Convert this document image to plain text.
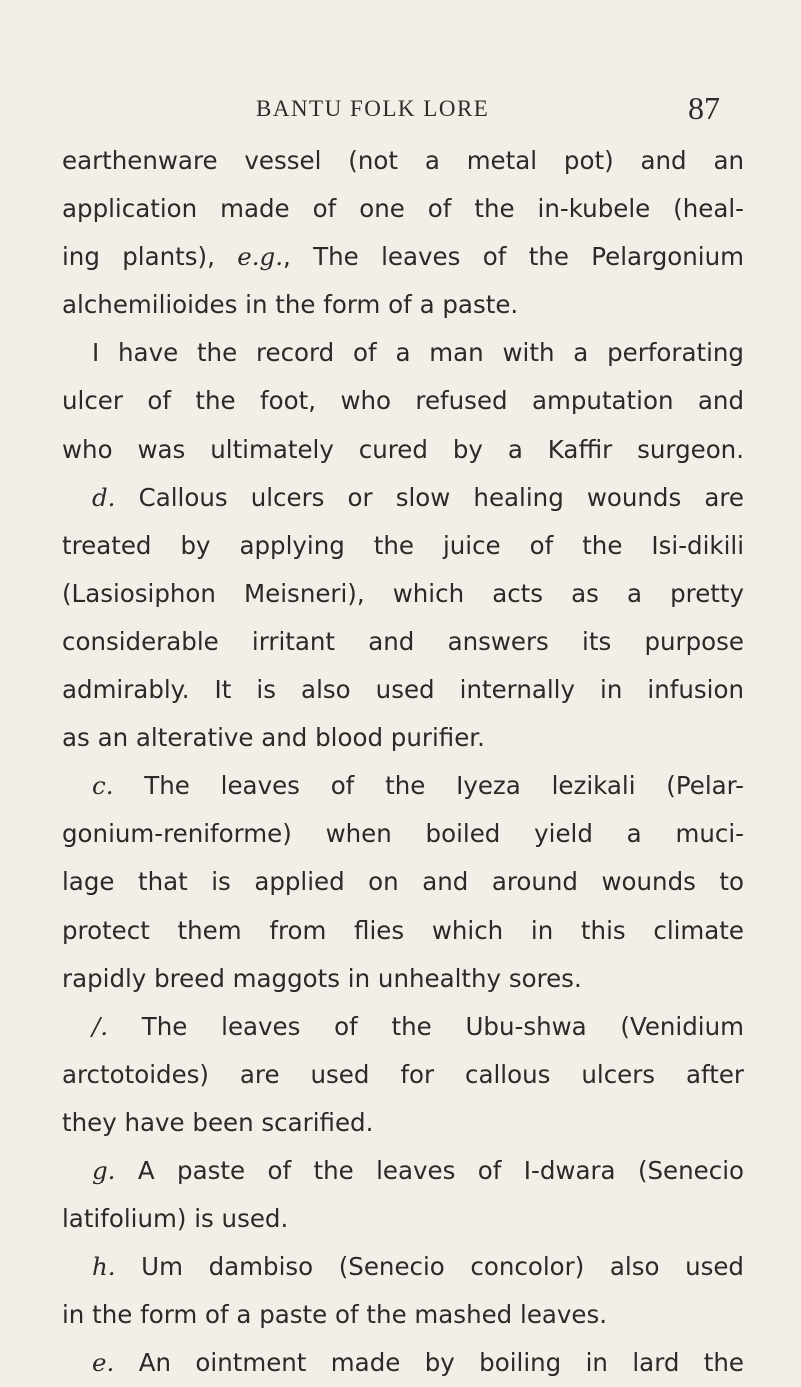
BANTU FOLK LORE	87
earthenware vessel (not a metal pot) and an
application made of one of the in-kubele (heal-
ing plants), e.g., The leaves of the Pelargonium
alchemilioides in the form of a paste.
I have the record of a man with a perforating
ulcer of the foot, who refused amputation and
who was ultimately cured by a Kaffir surgeon.
d. Callous ulcers or slow healing wounds are
treated by applying the juice of the Isi-dikili
(Lasiosiphon Meisneri), which acts as a pretty
considerable irritant and answers its purpose
admirably. It is also used internally in infusion
as an alterative and blood purifier.
c. The leaves of the Iyeza lezikali (Pelar-
gonium-reniforme) when boiled yield a muci-
lage that is applied on and around wounds to
protect them from flies which in this climate
rapidly breed maggots in unhealthy sores.
/. The leaves of the Ubu-shwa (Venidium
arctotoides) are used for callous ulcers after
they have been scarified.
g. A paste of the leaves of I-dwara (Senecio
latifolium) is used.
h. Um dambiso (Senecio concolor) also used
in the form of a paste of the mashed leaves.
e. An ointment made by boiling in lard the
